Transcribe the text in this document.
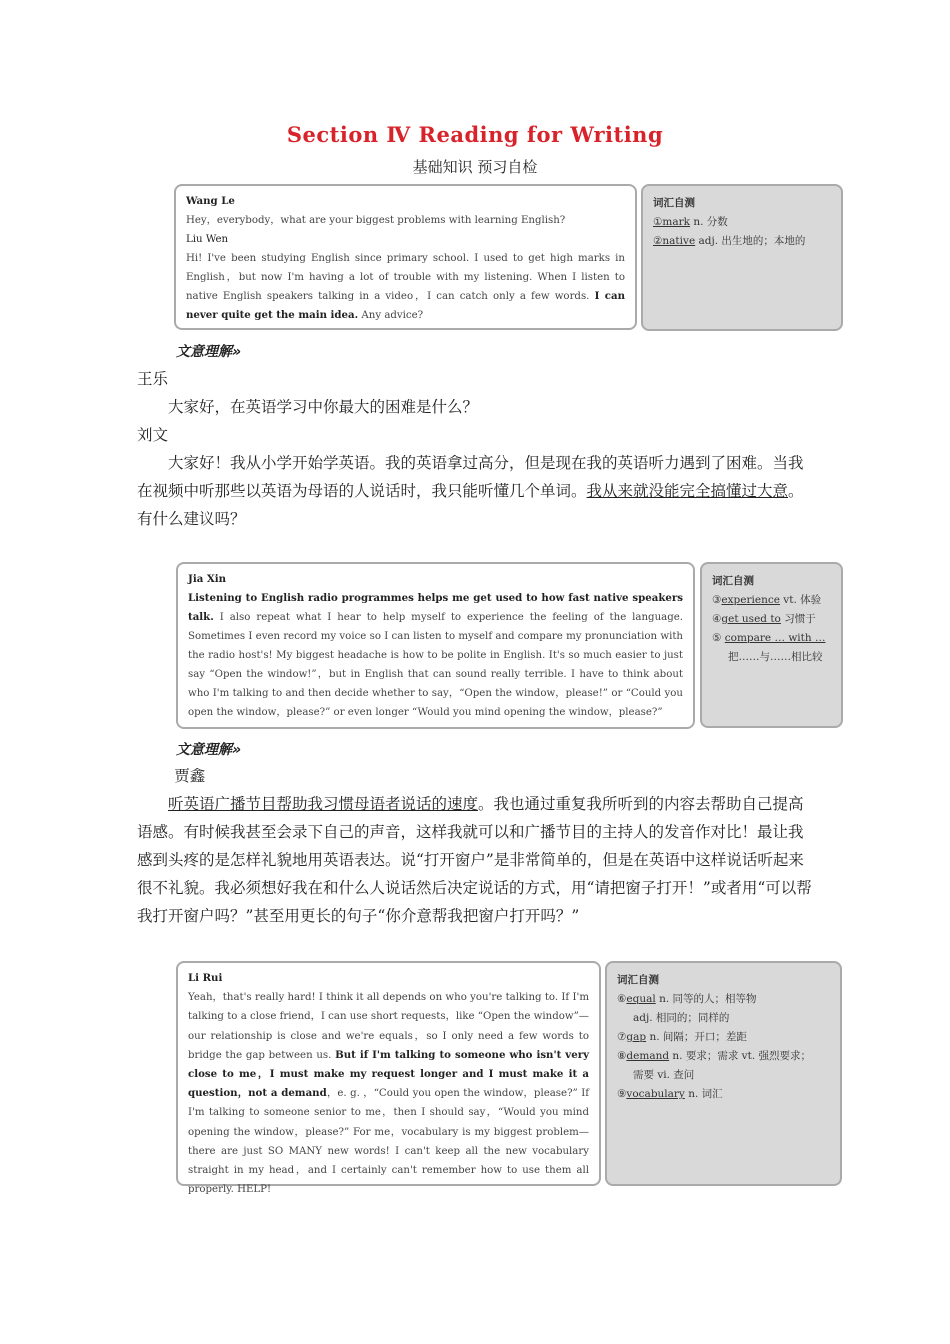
Section Ⅳ Reading for Writing
基础知识 预习自检
Wang Le
Hey，everybody，what are your biggest problems with learning English?
Liu Wen
Hi! I've been studying English since primary school. I used to get high marks in English，but now I'm having a lot of trouble with my listening. When I listen to native English speakers talking in a video，I can catch only a few words. I can never quite get the main idea. Any advice?
词汇自测
①mark n. 分数
②native adj. 出生地的；本地的
文意理解»
王乐
大家好，在英语学习中你最大的困难是什么？
刘文
大家好！我从小学开始学英语。我的英语拿过高分，但是现在我的英语听力遇到了困难。当我在视频中听那些以英语为母语的人说话时，我只能听懂几个单词。我从来就没能完全搞懂过大意。有什么建议吗？
Jia Xin
Listening to English radio programmes helps me get used to how fast native speakers talk. I also repeat what I hear to help myself to experience the feeling of the language. Sometimes I even record my voice so I can listen to myself and compare my pronunciation with the radio host's! My biggest headache is how to be polite in English. It's so much easier to just say “Open the window!”，but in English that can sound really terrible. I have to think about who I'm talking to and then decide whether to say，“Open the window，please!” or “Could you open the window，please?” or even longer “Would you mind opening the window，please?”
词汇自测
③experience vt. 体验
④get used to 习惯于
⑤ compare … with …
把……与……相比较
文意理解»
贾鑫
听英语广播节目帮助我习惯母语者说话的速度。我也通过重复我所听到的内容去帮助自己提高语感。有时候我甚至会录下自己的声音，这样我就可以和广播节目的主持人的发音作对比！最让我感到头疼的是怎样礼貌地用英语表达。说“打开窗户”是非常简单的，但是在英语中这样说话听起来很不礼貌。我必须想好我在和什么人说话然后决定说话的方式，用“请把窗子打开！”或者用“可以帮我打开窗户吗？”甚至用更长的句子“你介意帮我把窗户打开吗？”
Li Rui
Yeah，that's really hard! I think it all depends on who you're talking to. If I'm talking to a close friend，I can use short requests，like “Open the window”—our relationship is close and we're equals，so I only need a few words to bridge the gap between us. But if I'm talking to someone who isn't very close to me，I must make my request longer and I must make it a question，not a demand，e. g. ，“Could you open the window，please?” If I'm talking to someone senior to me，then I should say，“Would you mind opening the window，please?” For me，vocabulary is my biggest problem—there are just SO MANY new words! I can't keep all the new vocabulary straight in my head，and I certainly can't remember how to use them all properly. HELP!
词汇自测
⑥equal n. 同等的人；相等物
adj. 相同的；同样的
⑦gap n. 间隔；开口；差距
⑧demand n. 要求；需求 vt. 强烈要求；
需要 vi. 查问
⑨vocabulary n. 词汇
